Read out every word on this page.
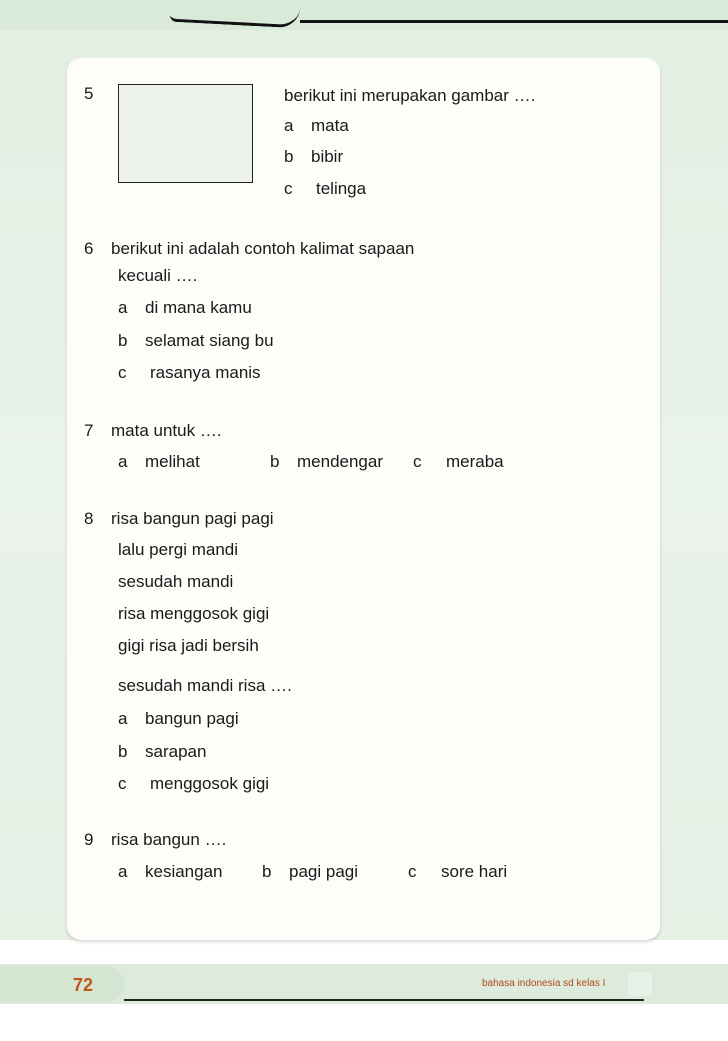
5	berikut ini merupakan gambar ….
a mata
b bibir
c telinga
6 berikut ini adalah contoh kalimat sapaan
kecuali ….
a di mana kamu
b selamat siang bu
c rasanya manis
7 mata untuk ….
a melihat	b mendengar c meraba
8 risa bangun pagi pagi
lalu pergi mandi
sesudah mandi
risa menggosok gigi
gigi risa jadi bersih
sesudah mandi risa ….
a bangun pagi
b sarapan
c menggosok gigi
9 risa bangun ….
a kesiangan b pagi pagi	c sore hari
72	bahasa indonesia sd kelas I
